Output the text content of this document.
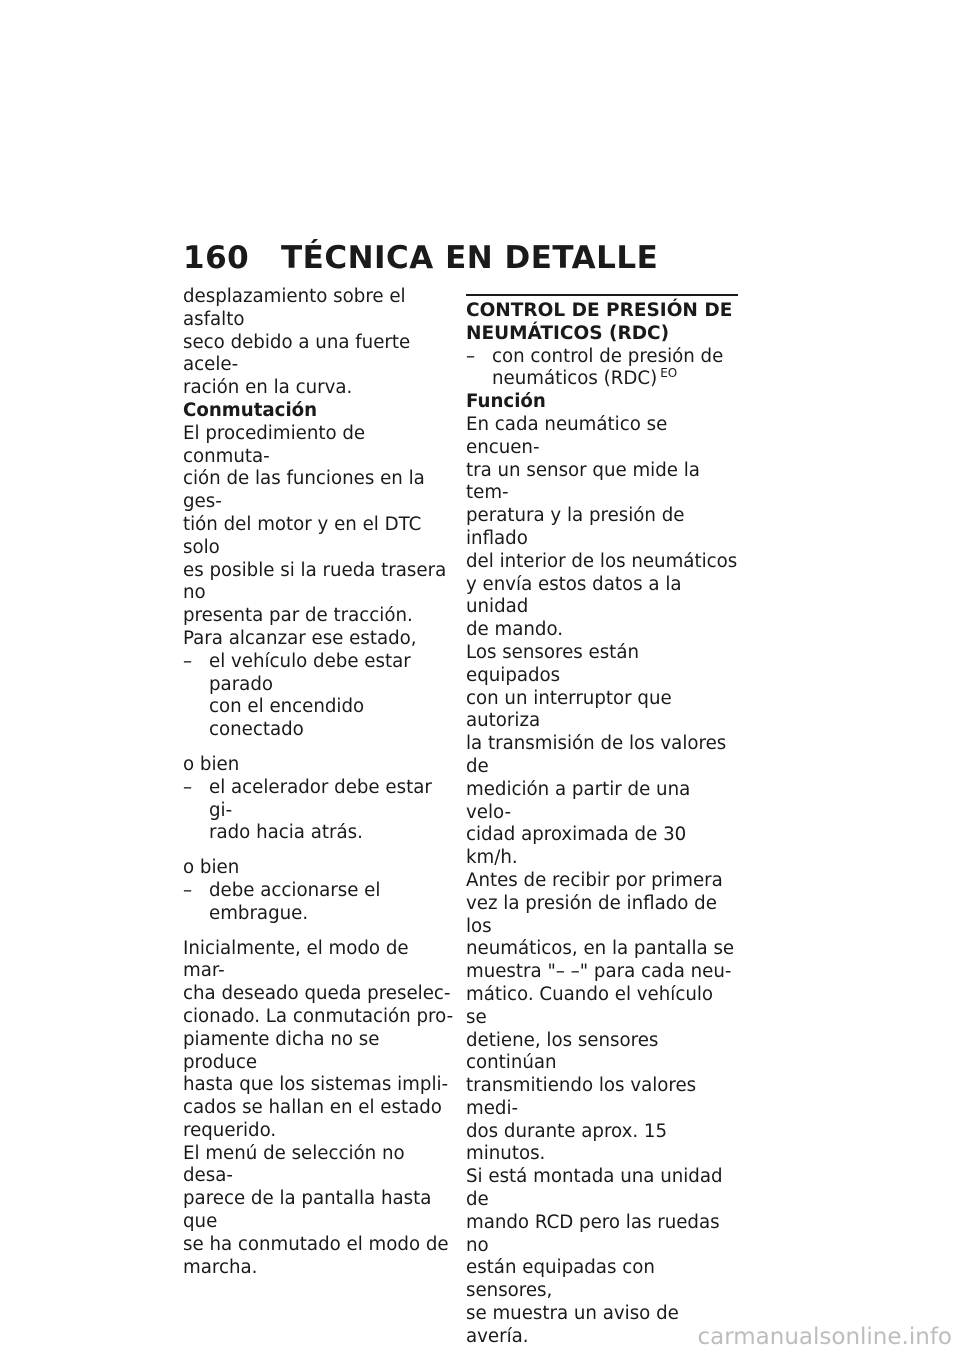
160 TÉCNICA EN DETALLE

desplazamiento sobre el asfalto
seco debido a una fuerte acele-
ración en la curva.

Conmutación

El procedimiento de conmuta-
ción de las funciones en la ges-
tión del motor y en el DTC solo
es posible si la rueda trasera no
presenta par de tracción.
Para alcanzar ese estado,

– el vehículo debe estar parado
con el encendido conectado

o bien

– el acelerador debe estar gi-
rado hacia atrás.

o bien

– debe accionarse el embrague.

Inicialmente, el modo de mar-
cha deseado queda preselec-
cionado. La conmutación pro-
piamente dicha no se produce
hasta que los sistemas impli-
cados se hallan en el estado
requerido.
El menú de selección no desa-
parece de la pantalla hasta que
se ha conmutado el modo de
marcha.

CONTROL DE PRESIÓN DE
NEUMÁTICOS (RDC)

– con control de presión de
neumáticos (RDC) $^{EO}$

Función

En cada neumático se encuen-
tra un sensor que mide la tem-
peratura y la presión de inflado
del interior de los neumáticos
y envía estos datos a la unidad
de mando.
Los sensores están equipados
con un interruptor que autoriza
la transmisión de los valores de
medición a partir de una velo-
cidad aproximada de 30 km/h.
Antes de recibir por primera
vez la presión de inflado de los
neumáticos, en la pantalla se
muestra "– –" para cada neu-
mático. Cuando el vehículo se
detiene, los sensores continúan
transmitiendo los valores medi-
dos durante aprox. 15 minutos.
Si está montada una unidad de
mando RCD pero las ruedas no
están equipadas con sensores,
se muestra un aviso de avería.	carmanualsonline.info
